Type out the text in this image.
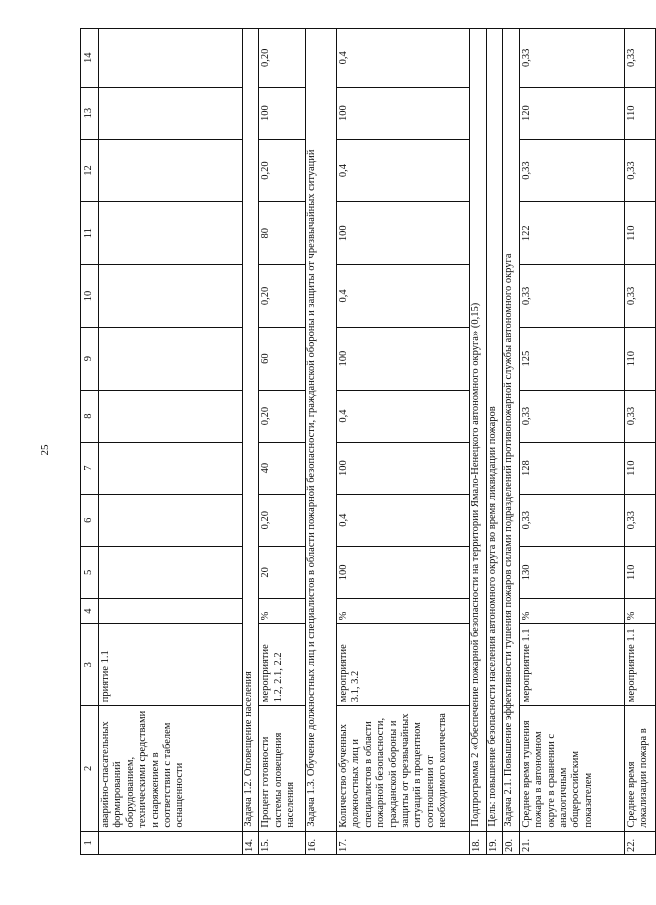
25
1	2	3	4	5	6	7	8	9	10	11	12	13	14
	аварийно-спасательных формирований оборудованием, техническими средствами и снаряжением в соответствии с табелем оснащенности	приятие 1.1											
14.	Задача 1.2. Оповещение населения												
15.	Процент готовности системы оповещения населения	мероприятие 1.2, 2.1, 2.2	%	20	0,20	40	0,20	60	0,20	80	0,20	100	0,20
16.	Задача 1.3. Обучение должностных лиц и специалистов в области пожарной безопасности, гражданской обороны и защиты от чрезвычайных ситуаций												
17.	Количество обученных должностных лиц и специалистов в области пожарной безопасности, гражданской обороны и защиты от чрезвычайных ситуаций в процентном соотношении от необходимого количества	мероприятие 3.1, 3.2	%	100	0,4	100	0,4	100	0,4	100	0,4	100	0,4
18.	Подпрограмма 2 «Обеспечение пожарной безопасности на территории Ямало-Ненецкого автономного округа» (0,15)												
19.	Цель: повышение безопасности населения автономного округа во время ликвидации пожаров												
20.	Задача 2.1. Повышение эффективности тушения пожаров силами подразделений противопожарной службы автономного округа												
21.	Среднее время тушения пожара в автономном округе в сравнении с аналогичным общероссийским показателем	мероприятие 1.1	%	130	0,33	128	0,33	125	0,33	122	0,33	120	0,33
22.	Среднее время локализации пожара в	мероприятие 1.1	%	110	0,33	110	0,33	110	0,33	110	0,33	110	0,33
